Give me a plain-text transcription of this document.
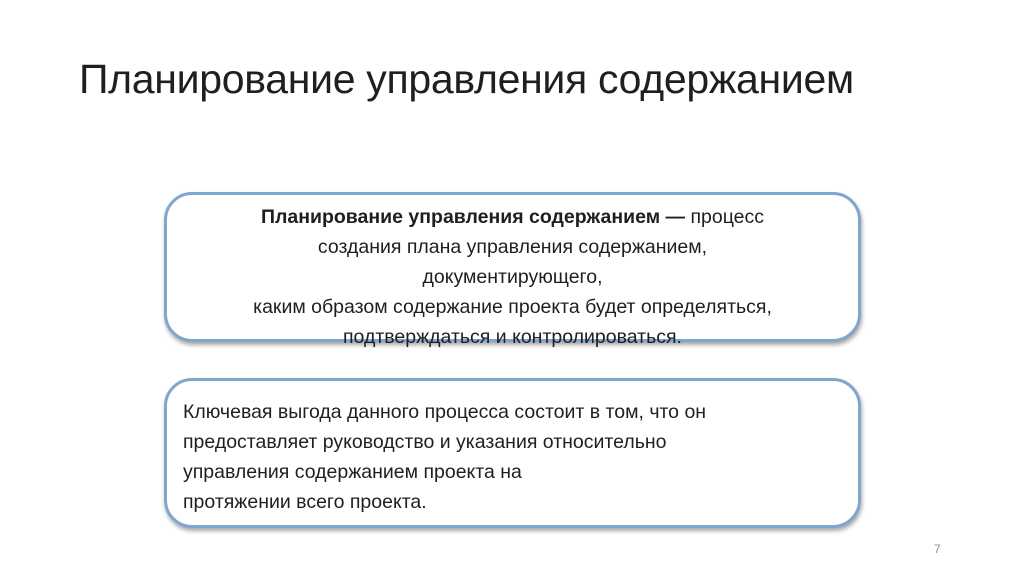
Планирование управления содержанием
Планирование управления содержанием — процесс
создания плана управления содержанием,
документирующего,
каким образом содержание проекта будет определяться,
подтверждаться и контролироваться.
Ключевая выгода данного процесса состоит в том, что он
предоставляет руководство и указания относительно
управления содержанием проекта на
протяжении всего проекта.
7
